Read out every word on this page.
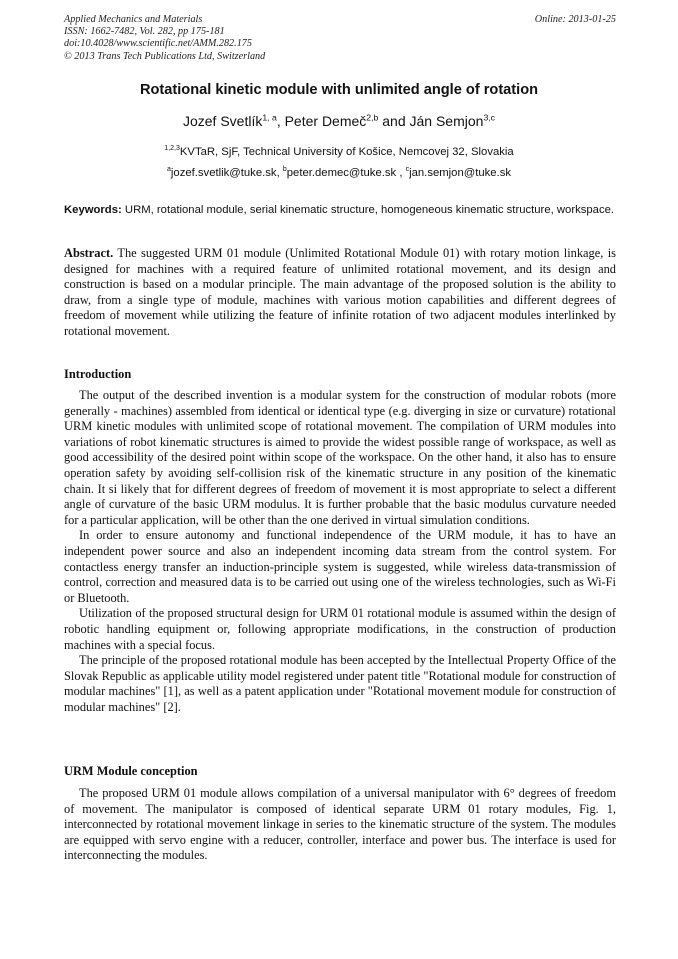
Applied Mechanics and Materials
ISSN: 1662-7482, Vol. 282, pp 175-181
doi:10.4028/www.scientific.net/AMM.282.175
© 2013 Trans Tech Publications Ltd, Switzerland
Online: 2013-01-25
Rotational kinetic module with unlimited angle of rotation
Jozef Svetlík$^{1, a}$, Peter Demeč$^{2,b}$ and Ján Semjon$^{3,c}$
$^{1,2,3}$KVTaR, SjF, Technical University of Košice, Nemcovej 32, Slovakia
$^a$jozef.svetlik@tuke.sk, $^b$peter.demec@tuke.sk , $^c$jan.semjon@tuke.sk
Keywords: URM, rotational module, serial kinematic structure, homogeneous kinematic structure, workspace.

Abstract. The suggested URM 01 module (Unlimited Rotational Module 01) with rotary motion linkage, is designed for machines with a required feature of unlimited rotational movement, and its design and construction is based on a modular principle. The main advantage of the proposed solution is the ability to draw, from a single type of module, machines with various motion capabilities and different degrees of freedom of movement while utilizing the feature of infinite rotation of two adjacent modules interlinked by rotational movement.

Introduction

The output of the described invention is a modular system for the construction of modular robots (more generally - machines) assembled from identical or identical type (e.g. diverging in size or curvature) rotational URM kinetic modules with unlimited scope of rotational movement. The compilation of URM modules into variations of robot kinematic structures is aimed to provide the widest possible range of workspace, as well as good accessibility of the desired point within scope of the workspace. On the other hand, it also has to ensure operation safety by avoiding self-collision risk of the kinematic structure in any position of the kinematic chain. It si likely that for different degrees of freedom of movement it is most appropriate to select a different angle of curvature of the basic URM modulus. It is further probable that the basic modulus curvature needed for a particular application, will be other than the one derived in virtual simulation conditions.

In order to ensure autonomy and functional independence of the URM module, it has to have an independent power source and also an independent incoming data stream from the control system. For contactless energy transfer an induction-principle system is suggested, while wireless data-transmission of control, correction and measured data is to be carried out using one of the wireless technologies, such as Wi-Fi or Bluetooth.

Utilization of the proposed structural design for URM 01 rotational module is assumed within the design of robotic handling equipment or, following appropriate modifications, in the construction of production machines with a special focus.

The principle of the proposed rotational module has been accepted by the Intellectual Property Office of the Slovak Republic as applicable utility model registered under patent title "Rotational module for construction of modular machines" [1], as well as a patent application under "Rotational movement module for construction of modular machines" [2].

URM Module conception

The proposed URM 01 module allows compilation of a universal manipulator with 6° degrees of freedom of movement. The manipulator is composed of identical separate URM 01 rotary modules, Fig. 1, interconnected by rotational movement linkage in series to the kinematic structure of the system. The modules are equipped with servo engine with a reducer, controller, interface and power bus. The interface is used for interconnecting the modules.
